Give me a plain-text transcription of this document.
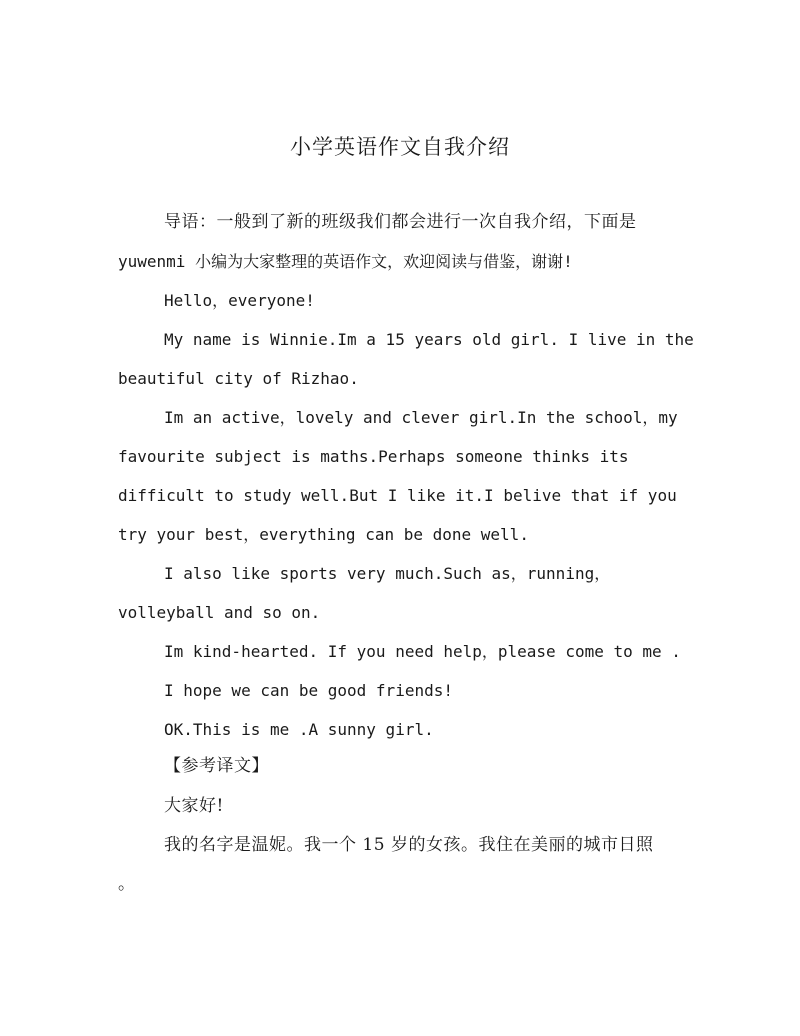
小学英语作文自我介绍
导语：一般到了新的班级我们都会进行一次自我介绍，下面是
yuwenmi 小编为大家整理的英语作文，欢迎阅读与借鉴，谢谢!
Hello，everyone!
My name is Winnie.Im a 15 years old girl. I live in the
beautiful city of Rizhao.
Im an active，lovely and clever girl.In the school，my
favourite subject is maths.Perhaps someone thinks its
difficult to study well.But I like it.I belive that if you
try your best，everything can be done well.
I also like sports very much.Such as，running，
volleyball and so on.
Im kind-hearted. If you need help，please come to me .
I hope we can be good friends!
OK.This is me .A sunny girl.
【参考译文】
大家好!
我的名字是温妮。我一个 15 岁的女孩。我住在美丽的城市日照
。
